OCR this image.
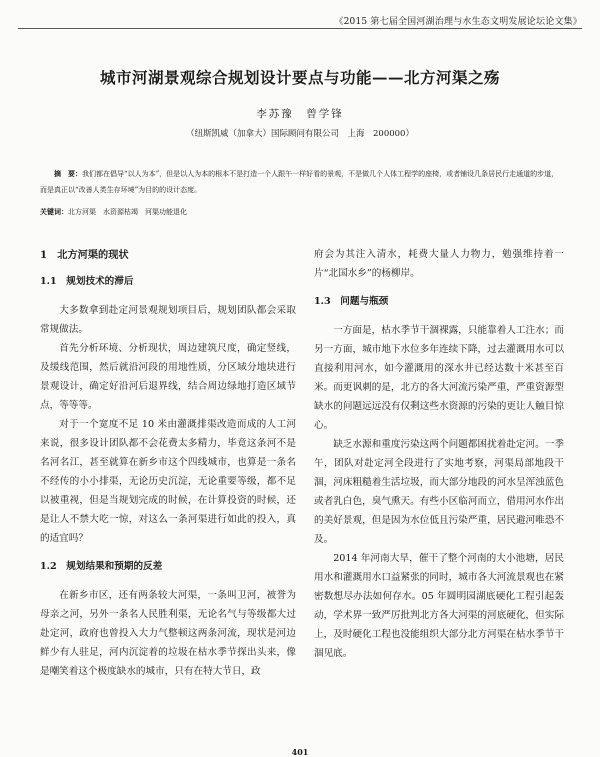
《2015 第七届全国河湖治理与水生态文明发展论坛论文集》
城市河湖景观综合规划设计要点与功能——北方河渠之殇
李苏豫　曾学锋
（纽斯凯威（加拿大）国际顾问有限公司　上海　200000）
摘　要：我们都在倡导“以人为本”，但是以人为本的根本不是打造一个人跟午一样好看的景观，不是做几个人体工程学的座椅，或者铺设几条居民行走通道的步道，而是真正以“改善人类生存环境”为目的的设计态度。
关键词：北方河渠　水资源枯竭　河渠功能退化
1　北方河渠的现状
1.1　规划技术的滞后

大多数拿到赴定河景观规划项目后，规划团队都会采取常规做法。

首先分析环境、分析现状，周边建筑尺度，确定竖线，及缓线范围，然后就沿河段的用地性质，分区域分地块进行景观设计，确定好沿河后退界线，结合周边绿地打造区域节点，等等等。

对于一个宽度不足 10 米由灌溉排渠改造而成的人工河来说，很多设计团队都不会花费太多精力，毕竟这条河不是名河名江，甚至就算在新乡市这个四线城市，也算是一条名不经传的小小排渠，无论历史沉淀，无论重要等级，都不足以被重视，但是当规划完成的时候，在计算投资的时候，还是让人不禁大吃一惊，对这么一条河渠进行如此的投入，真的适宜吗？

1.2　规划结果和预期的反差

在新乡市区，还有两条较大河渠，一条叫卫河，被誉为母亲之河，另外一条名人民胜利渠，无论名气与等级都大过赴定河，政府也曾投入大力气整顿这两条河流，现状是河边鲜少有人驻足，河内沉淀着的垃圾在枯水季节探出头来，像是嘲笑着这个极度缺水的城市，只有在特大节日，政

府会为其注入清水，耗费大量人力物力，勉强维持着一片“北国水乡”的杨柳岸。

1.3　问题与瓶颈

一方面是，枯水季节干涸裸露，只能靠着人工注水；而另一方面，城市地下水位多年连续下降，过去灌溉用水可以直接利用河水，如今灌溉用的深水井已经达数十米甚至百米。而更讽刺的是，北方的各大河流污染严重，严重资源型缺水的问题远远没有仅剩这些水资源的污染的更让人触目惊心。

缺乏水源和重度污染这两个问题都困扰着赴定河。一季午，团队对赴定河全段进行了实地考察，河渠局部地段干涸，河床粗糙着生活垃圾，而大部分地段的河水呈浑浊蓝色或者乳白色，臭气熏天。有些小区临河而立，借用河水作出的美好景观，但是因为水位低且污染严重，居民避河唯恐不及。

2014 年河南大旱，催干了整个河南的大小池塘，居民用水和灌溉用水口益紧张的同时，城市各大河流景观也在紧密数想尽办法如何存水。05 年圆明园湖底硬化工程引起轰动，学术界一致严厉批判北方各大河渠的河底硬化，但实际上，及时硬化工程也没能组织大部分北方河渠在枯水季节干涸见底。

401
